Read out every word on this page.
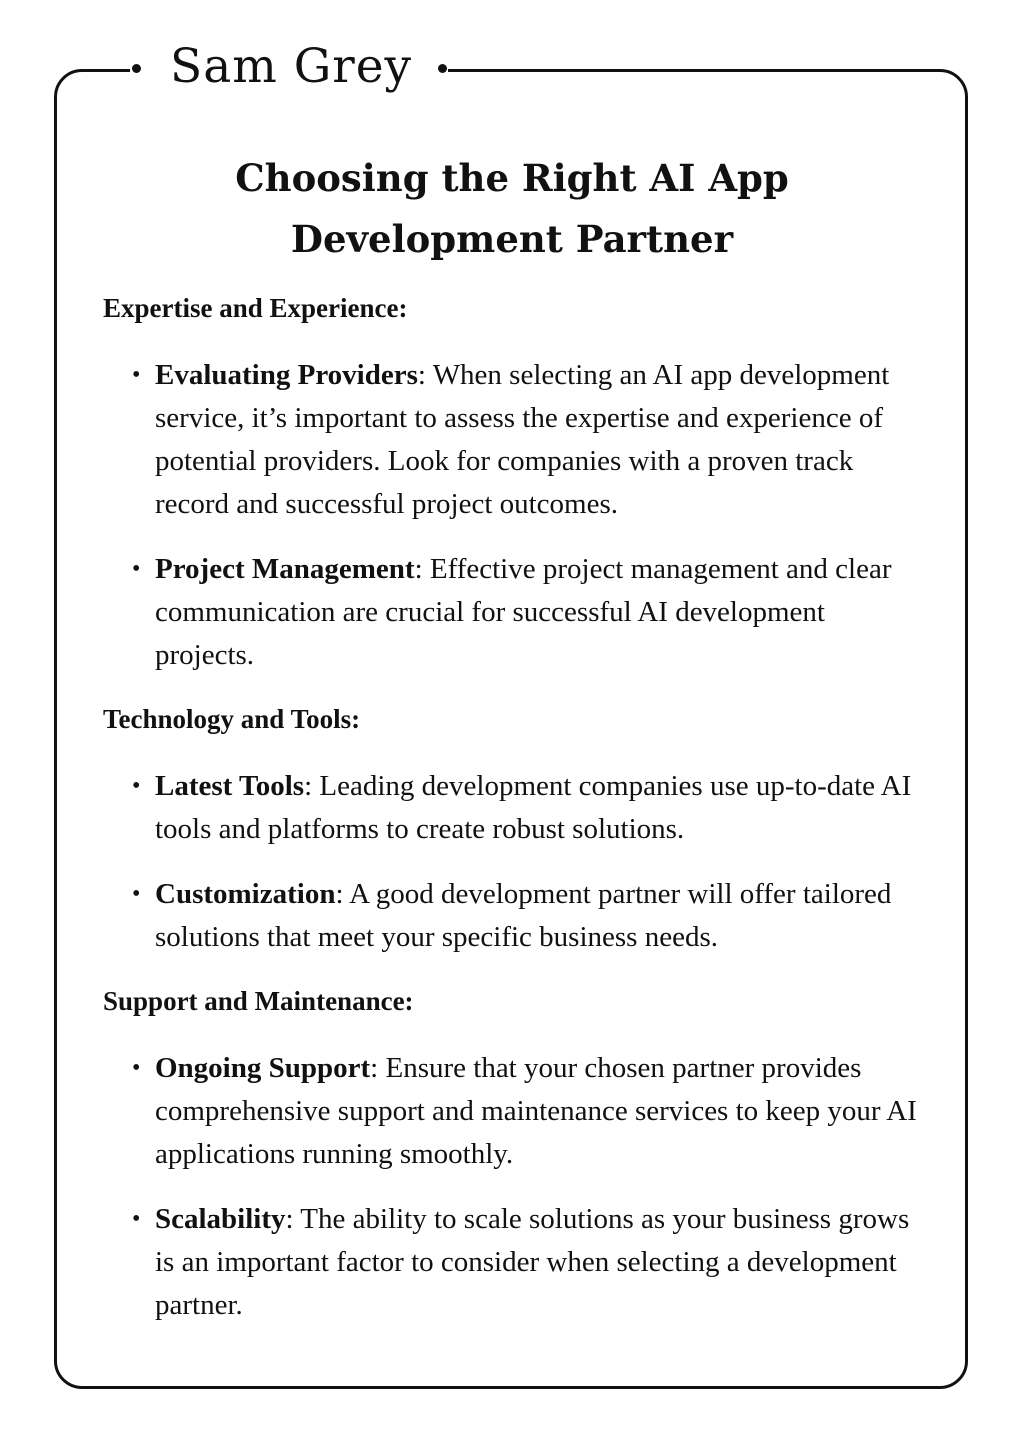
Sam Grey
Choosing the Right AI App
Development Partner
Expertise and Experience:
• Evaluating Providers: When selecting an AI app development service, it’s important to assess the expertise and experience of potential providers. Look for companies with a proven track record and successful project outcomes.
• Project Management: Effective project management and clear communication are crucial for successful AI development projects.
Technology and Tools:
• Latest Tools: Leading development companies use up-to-date AI tools and platforms to create robust solutions.
• Customization: A good development partner will offer tailored solutions that meet your specific business needs.
Support and Maintenance:
• Ongoing Support: Ensure that your chosen partner provides comprehensive support and maintenance services to keep your AI applications running smoothly.
• Scalability: The ability to scale solutions as your business grows is an important factor to consider when selecting a development partner.
